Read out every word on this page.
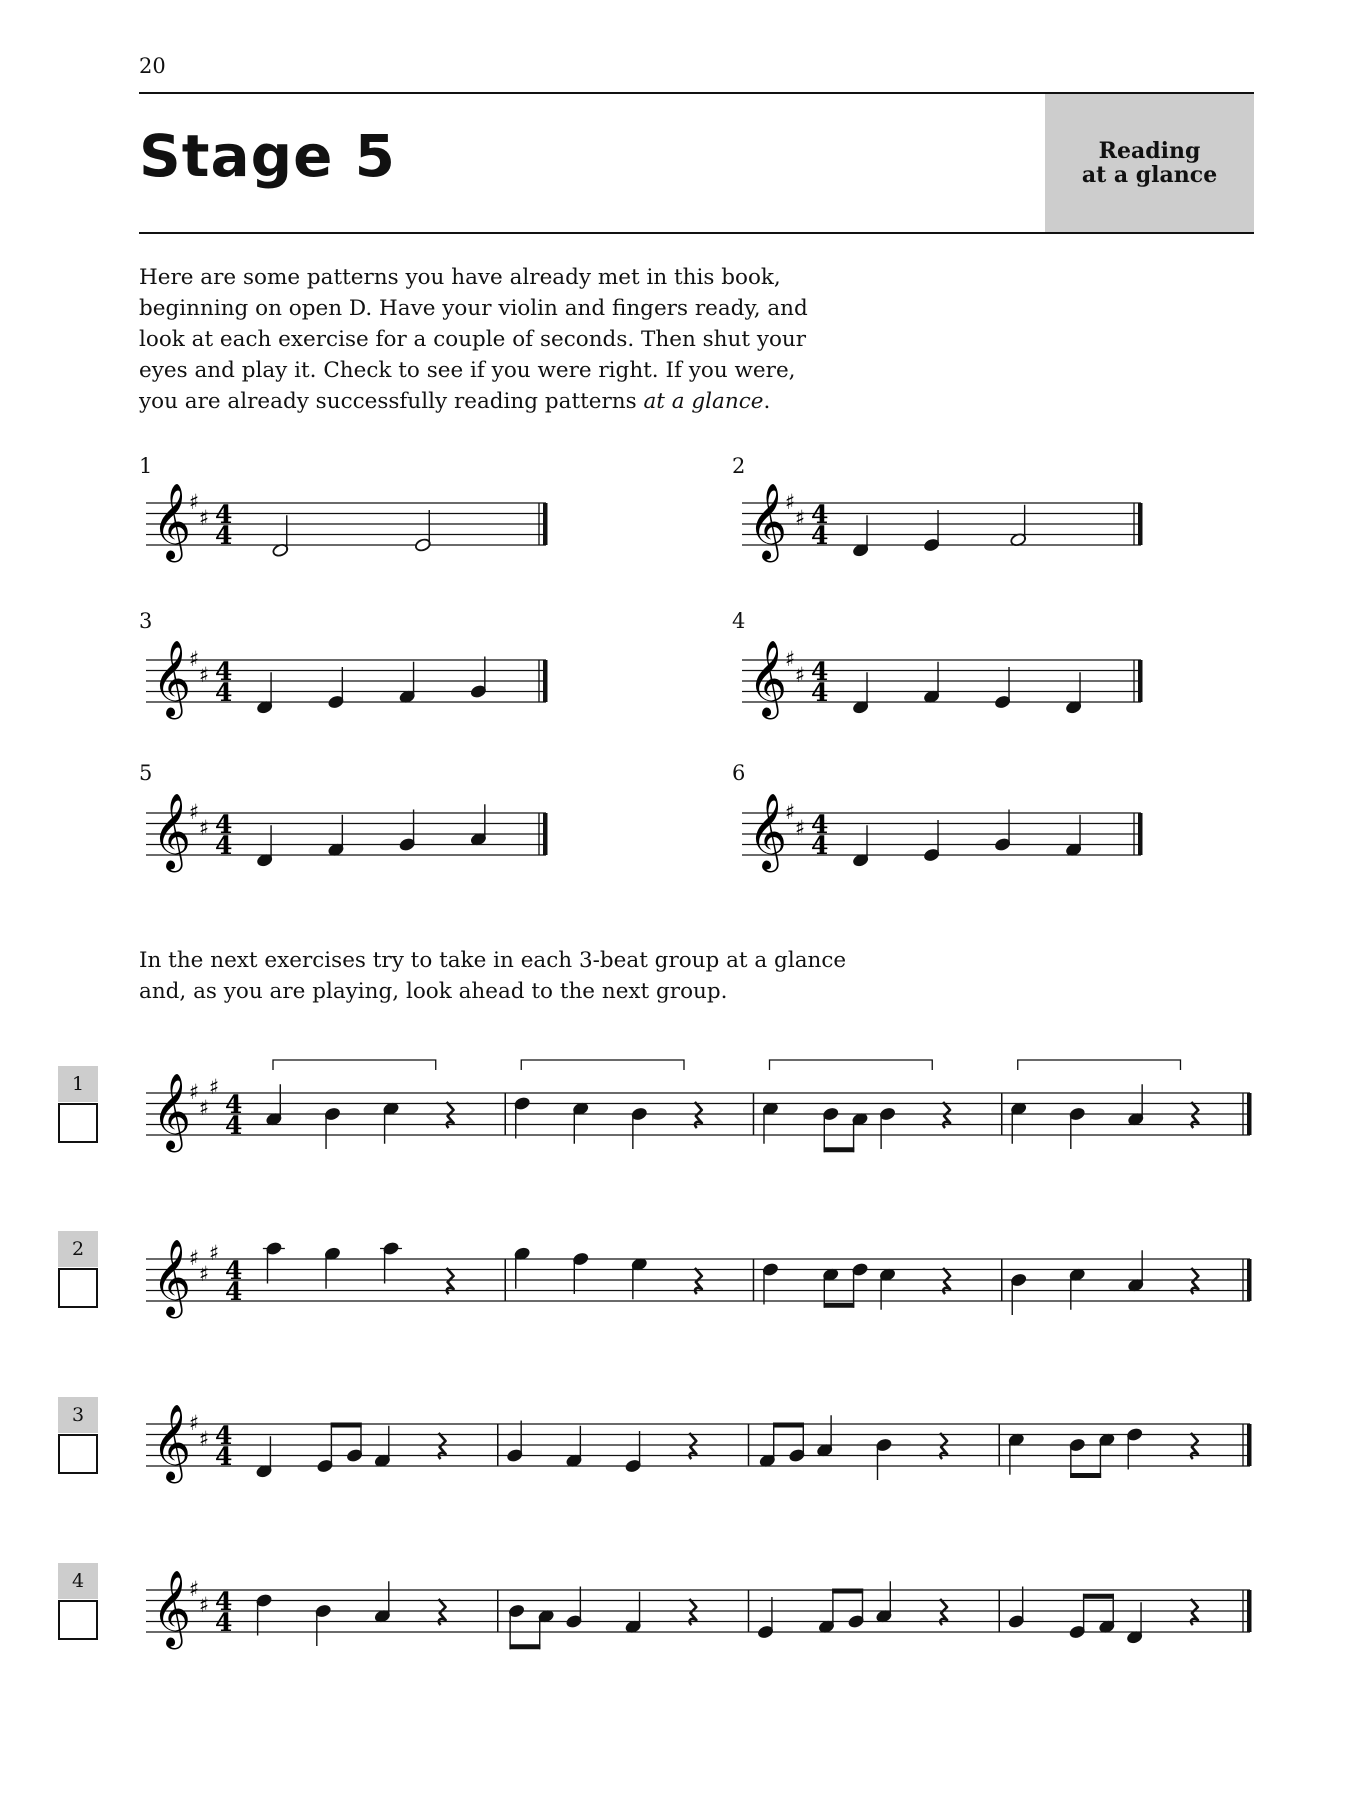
20
Stage 5	Reading
at a glance

Here are some patterns you have already met in this book,
beginning on open D. Have your violin and fingers ready, and
look at each exercise for a couple of seconds. Then shut your
eyes and play it. Check to see if you were right. If you were,
you are already successfully reading patterns at a glance.

1	2
3	4
5	6

In the next exercises try to take in each 3-beat group at a glance
and, as you are playing, look ahead to the next group.

1
2
3
4
𝄞
♯
♯ 4
4	𝄞
♯
♯ 4
4
𝄞
♯
♯ 4
4	𝄞
♯
♯ 4
4
𝄞
♯
♯ 4
4	𝄞
♯
♯ 4
4
𝄞
♯
♯
♯
4
4
𝄞
♯
♯
♯
4
4
𝄞
♯
♯ 4
4
𝄞
♯
♯ 4
4
